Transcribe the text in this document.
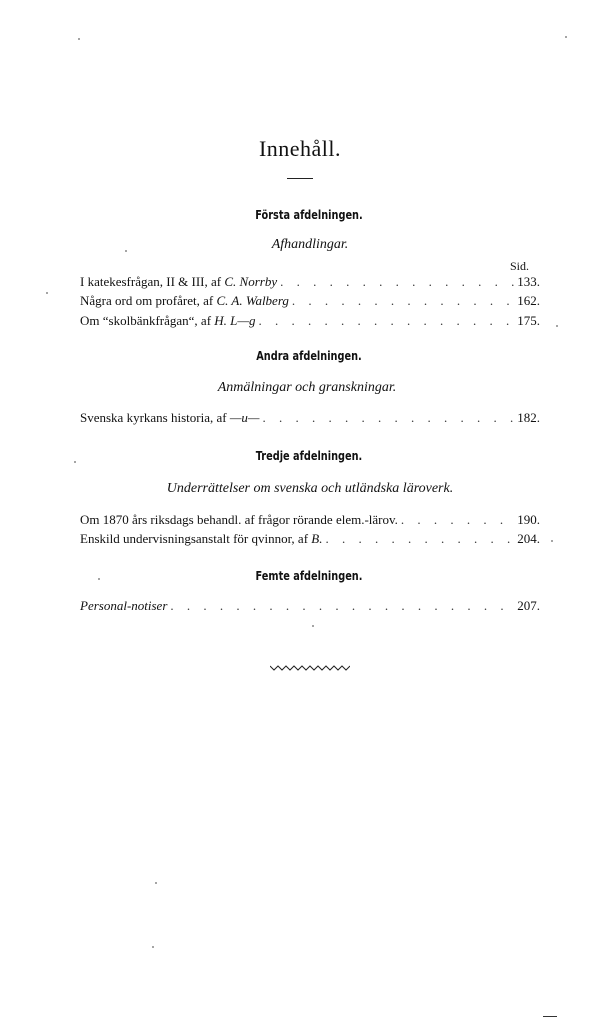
Innehåll.
Första afdelningen.
Afhandlingar.
Sid.
I katekesfrågan, II & III, af C. Norrby . . .	133.
Några ord om profåret, af C. A. Walberg . . .	162.
Om “skolbänkfrågan“, af H. L—g . . .	175.
Andra afdelningen.
Anmälningar och granskningar.
Svenska kyrkans historia, af —u— . . .	182.
Tredje afdelningen.
Underrättelser om svenska och utländska läroverk.
Om 1870 års riksdags behandl. af frågor rörande elem.-lärov. . . .	190.
Enskild undervisningsanstalt för qvinnor, af B. . . .	204.
Femte afdelningen.
Personal-notiser . . .	207.
